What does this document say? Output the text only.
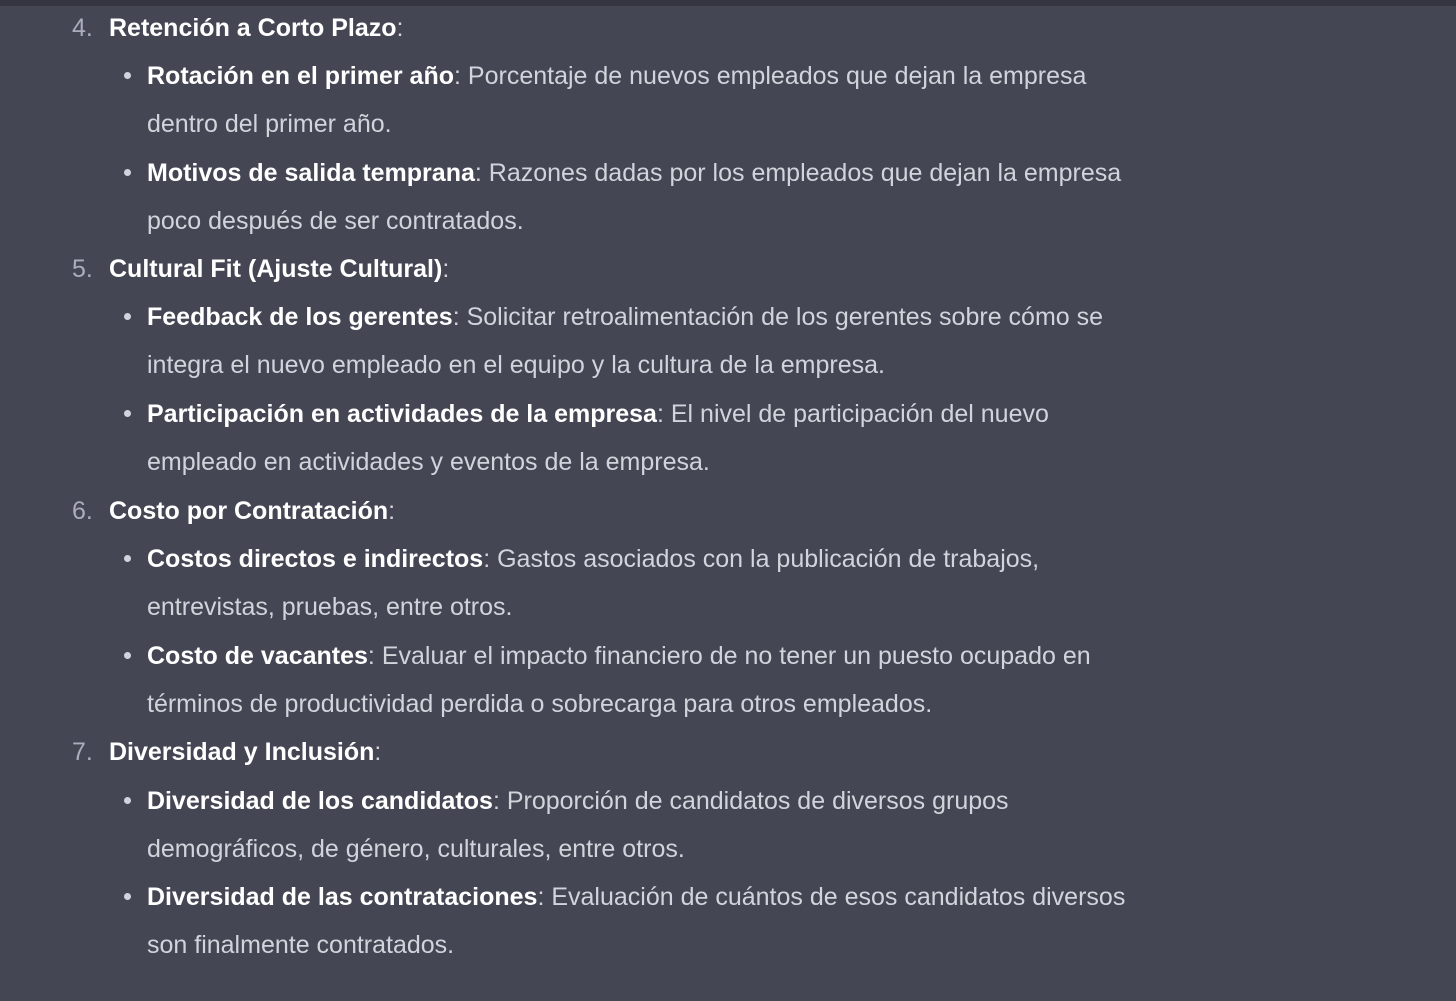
4. Retención a Corto Plazo:
Rotación en el primer año: Porcentaje de nuevos empleados que dejan la empresa
dentro del primer año.
Motivos de salida temprana: Razones dadas por los empleados que dejan la empresa
poco después de ser contratados.
5. Cultural Fit (Ajuste Cultural):
Feedback de los gerentes: Solicitar retroalimentación de los gerentes sobre cómo se
integra el nuevo empleado en el equipo y la cultura de la empresa.
Participación en actividades de la empresa: El nivel de participación del nuevo
empleado en actividades y eventos de la empresa.
6. Costo por Contratación:
Costos directos e indirectos: Gastos asociados con la publicación de trabajos,
entrevistas, pruebas, entre otros.
Costo de vacantes: Evaluar el impacto financiero de no tener un puesto ocupado en
términos de productividad perdida o sobrecarga para otros empleados.
7. Diversidad y Inclusión:
Diversidad de los candidatos: Proporción de candidatos de diversos grupos
demográficos, de género, culturales, entre otros.
Diversidad de las contrataciones: Evaluación de cuántos de esos candidatos diversos
son finalmente contratados.
